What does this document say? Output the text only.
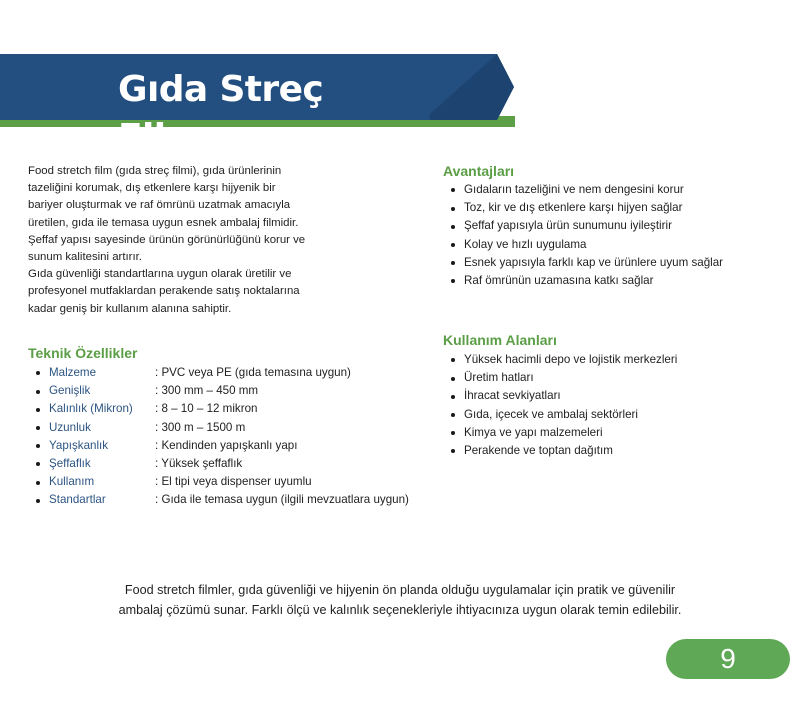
Gıda Streç Film

Food stretch film (gıda streç filmi), gıda ürünlerinin

tazeliğini korumak, dış etkenlere karşı hijyenik bir

bariyer oluşturmak ve raf ömrünü uzatmak amacıyla

üretilen, gıda ile temasa uygun esnek ambalaj filmidir.

Şeffaf yapısı sayesinde ürünün görünürlüğünü korur ve

sunum kalitesini artırır.

Gıda güvenliği standartlarına uygun olarak üretilir ve

profesyonel mutfaklardan perakende satış noktalarına

kadar geniş bir kullanım alanına sahiptir.

Teknik Özellikler
Malzeme	: PVC veya PE (gıda temasına uygun)
Genişlik	: 300 mm – 450 mm
Kalınlık (Mikron) : 8 – 10 – 12 mikron
Uzunluk	: 300 m – 1500 m
Yapışkanlık	: Kendinden yapışkanlı yapı
Şeffaflık	: Yüksek şeffaflık
Kullanım	: El tipi veya dispenser uyumlu
Standartlar	: Gıda ile temasa uygun (ilgili mevzuatlara uygun)
Avantajları
Gıdaların tazeliğini ve nem dengesini korur
Toz, kir ve dış etkenlere karşı hijyen sağlar
Şeffaf yapısıyla ürün sunumunu iyileştirir
Kolay ve hızlı uygulama
Esnek yapısıyla farklı kap ve ürünlere uyum sağlar
Raf ömrünün uzamasına katkı sağlar
Kullanım Alanları
Yüksek hacimli depo ve lojistik merkezleri
Üretim hatları
İhracat sevkiyatları
Gıda, içecek ve ambalaj sektörleri
Kimya ve yapı malzemeleri
Perakende ve toptan dağıtım

Food stretch filmler, gıda güvenliği ve hijyenin ön planda olduğu uygulamalar için pratik ve güvenilir

ambalaj çözümü sunar. Farklı ölçü ve kalınlık seçenekleriyle ihtiyacınıza uygun olarak temin edilebilir.

9
